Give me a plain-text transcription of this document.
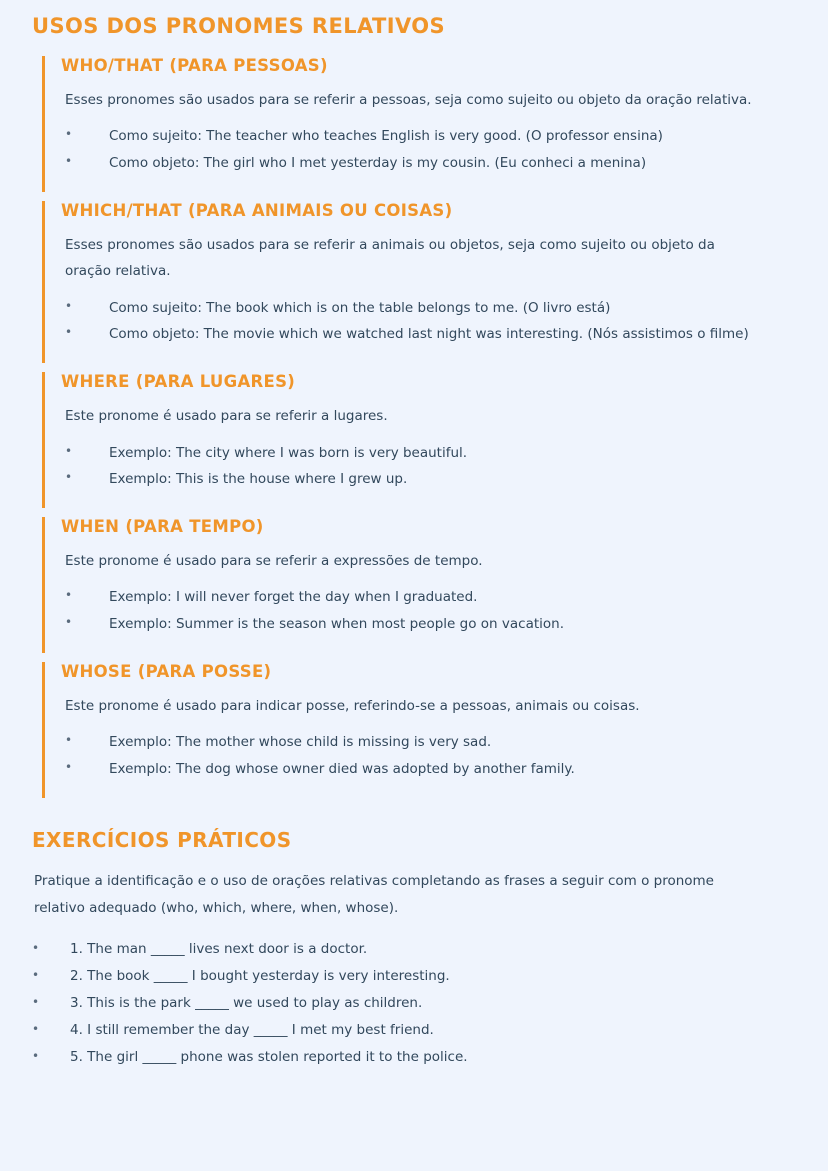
USOS DOS PRONOMES RELATIVOS
WHO/THAT (PARA PESSOAS)

Esses pronomes são usados para se referir a pessoas, seja como sujeito ou objeto da oração relativa.

• Como sujeito: The teacher who teaches English is very good. (O professor ensina)
• Como objeto: The girl who I met yesterday is my cousin. (Eu conheci a menina)
WHICH/THAT (PARA ANIMAIS OU COISAS)

Esses pronomes são usados para se referir a animais ou objetos, seja como sujeito ou objeto da oração relativa.

• Como sujeito: The book which is on the table belongs to me. (O livro está)
• Como objeto: The movie which we watched last night was interesting. (Nós assistimos o filme)
WHERE (PARA LUGARES)

Este pronome é usado para se referir a lugares.

• Exemplo: The city where I was born is very beautiful.
• Exemplo: This is the house where I grew up.
WHEN (PARA TEMPO)

Este pronome é usado para se referir a expressões de tempo.

• Exemplo: I will never forget the day when I graduated.
• Exemplo: Summer is the season when most people go on vacation.
WHOSE (PARA POSSE)

Este pronome é usado para indicar posse, referindo-se a pessoas, animais ou coisas.

• Exemplo: The mother whose child is missing is very sad.
• Exemplo: The dog whose owner died was adopted by another family.
EXERCÍCIOS PRÁTICOS

Pratique a identificação e o uso de orações relativas completando as frases a seguir com o pronome relativo adequado (who, which, where, when, whose).

• 1. The man _____ lives next door is a doctor.
• 2. The book _____ I bought yesterday is very interesting.
• 3. This is the park _____ we used to play as children.
• 4. I still remember the day _____ I met my best friend.
• 5. The girl _____ phone was stolen reported it to the police.
